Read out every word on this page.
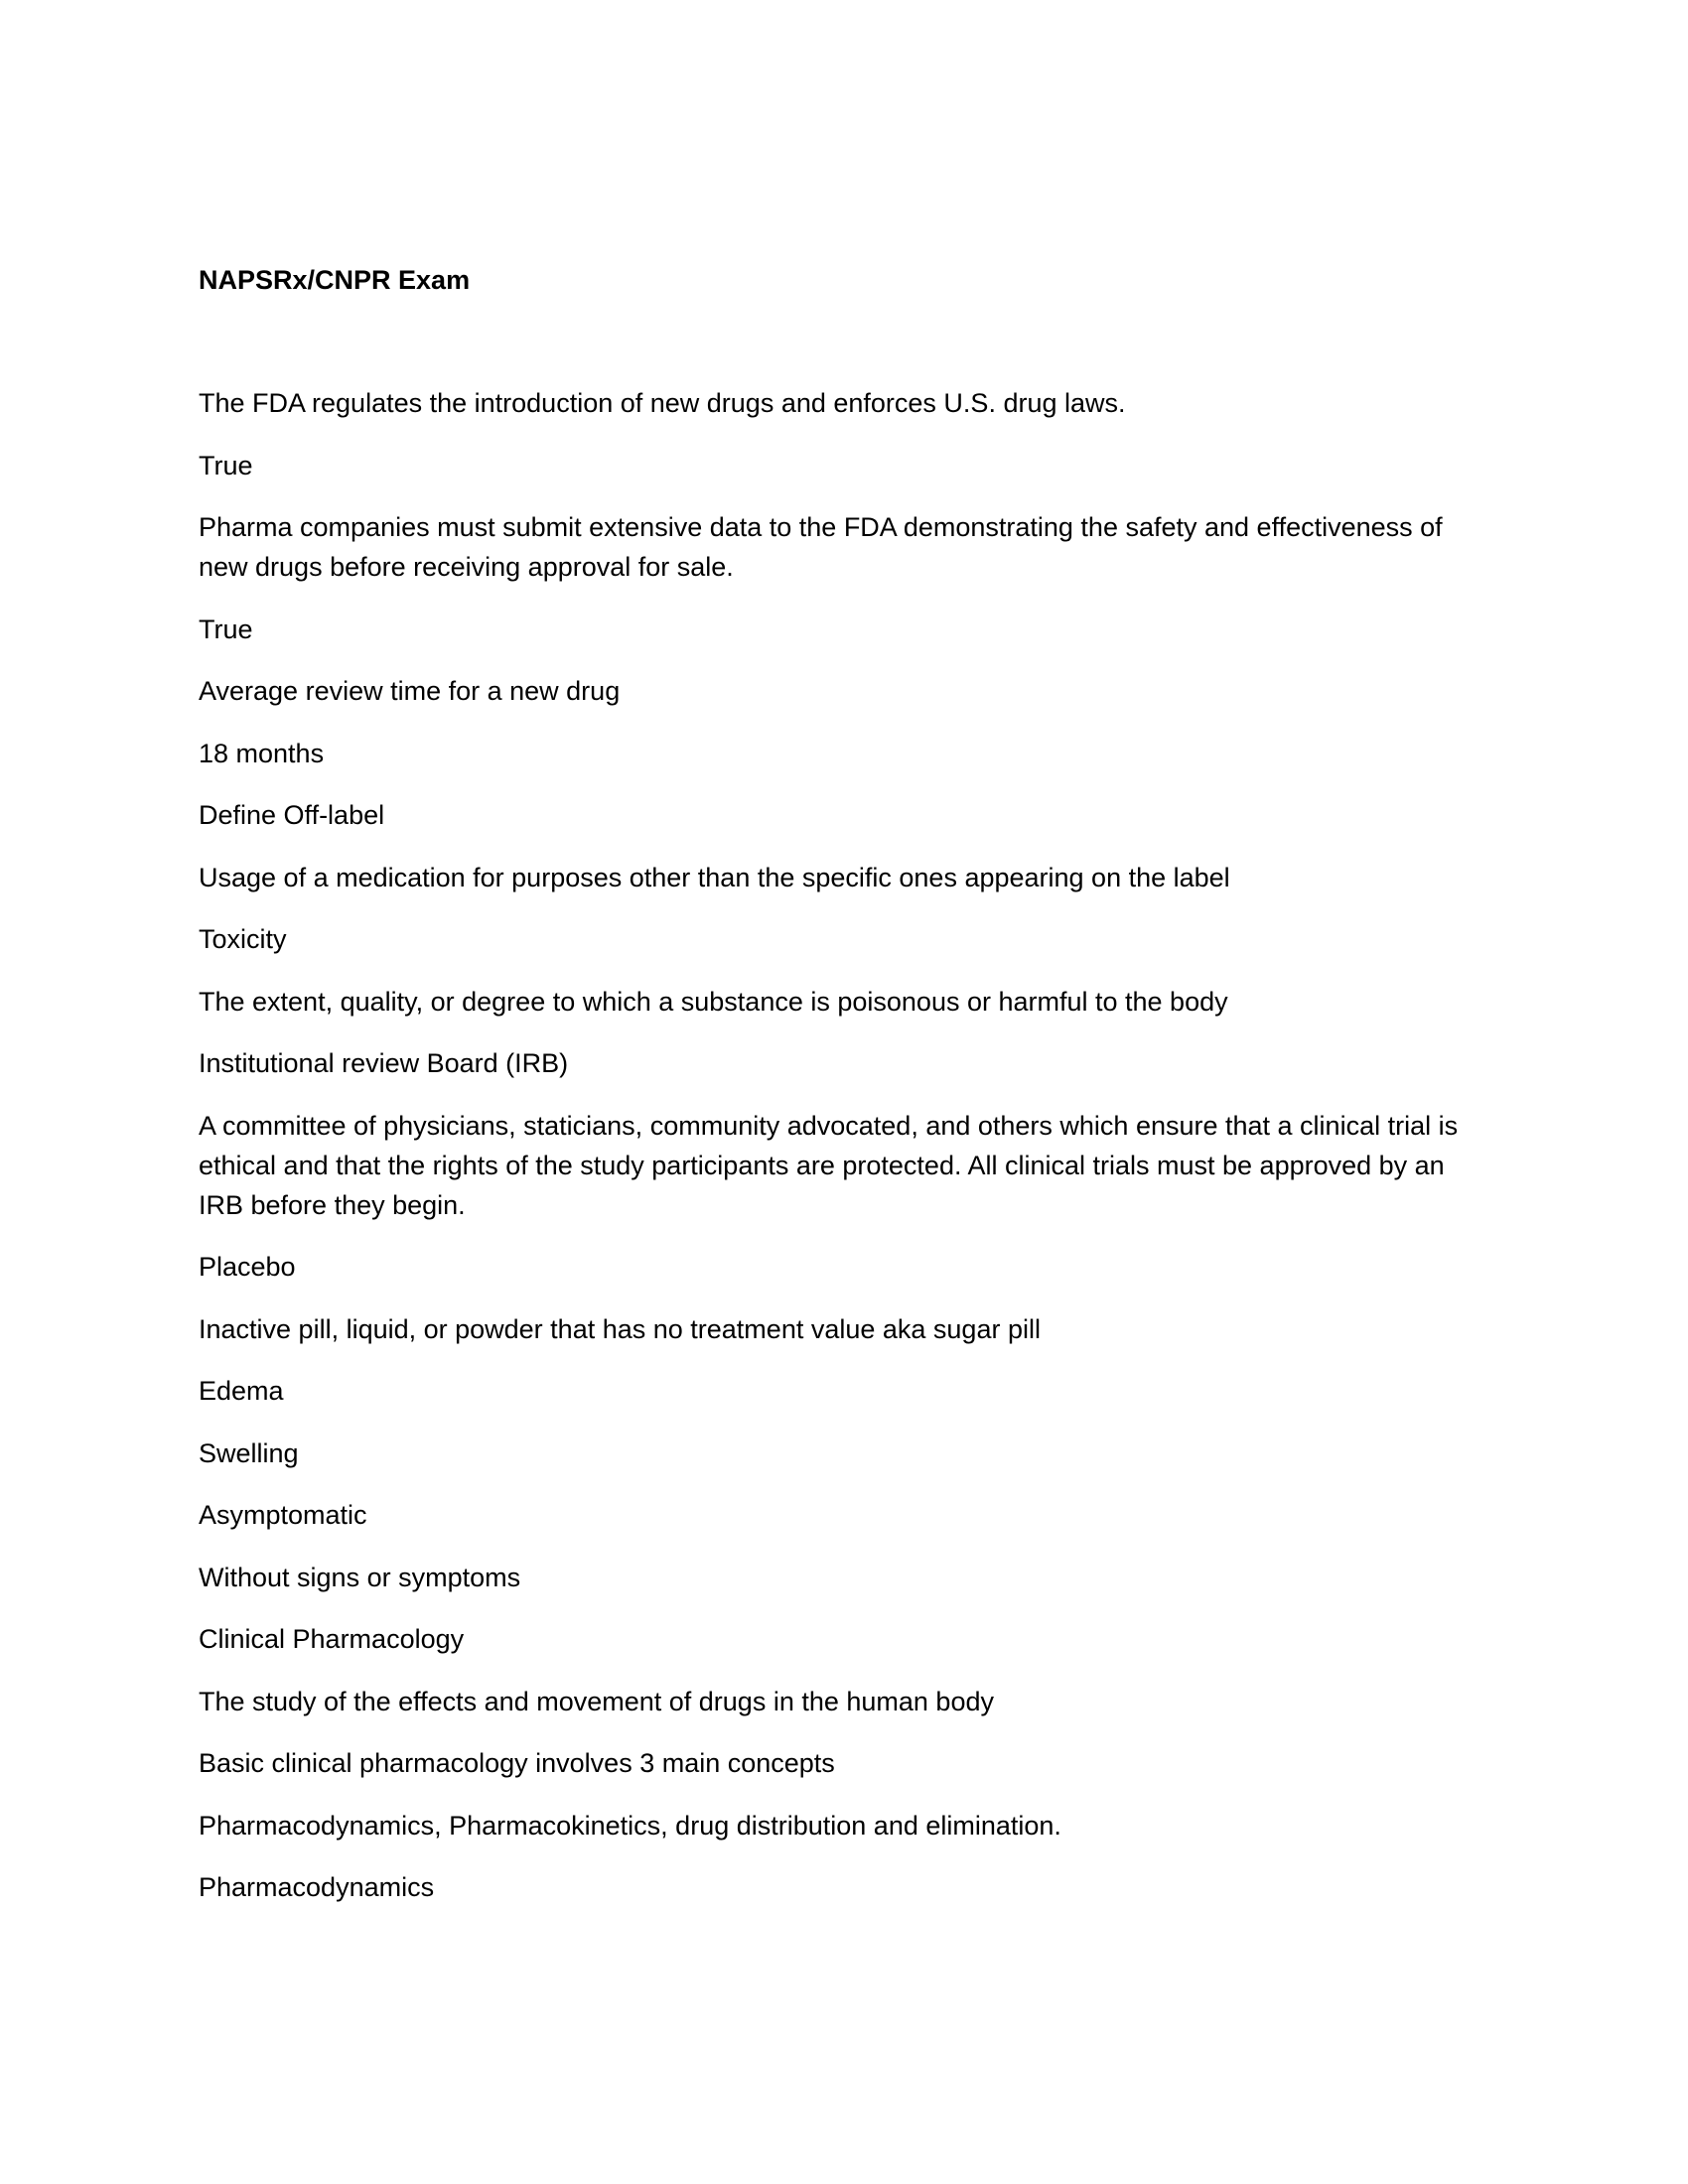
NAPSRx/CNPR Exam
The FDA regulates the introduction of new drugs and enforces U.S. drug laws.
True
Pharma companies must submit extensive data to the FDA demonstrating the safety and effectiveness of new drugs before receiving approval for sale.
True
Average review time for a new drug
18 months
Define Off-label
Usage of a medication for purposes other than the specific ones appearing on the label
Toxicity
The extent, quality, or degree to which a substance is poisonous or harmful to the body
Institutional review Board (IRB)
A committee of physicians, staticians, community advocated, and others which ensure that a clinical trial is ethical and that the rights of the study participants are protected. All clinical trials must be approved by an IRB before they begin.
Placebo
Inactive pill, liquid, or powder that has no treatment value aka sugar pill
Edema
Swelling
Asymptomatic
Without signs or symptoms
Clinical Pharmacology
The study of the effects and movement of drugs in the human body
Basic clinical pharmacology involves 3 main concepts
Pharmacodynamics, Pharmacokinetics, drug distribution and elimination.
Pharmacodynamics
